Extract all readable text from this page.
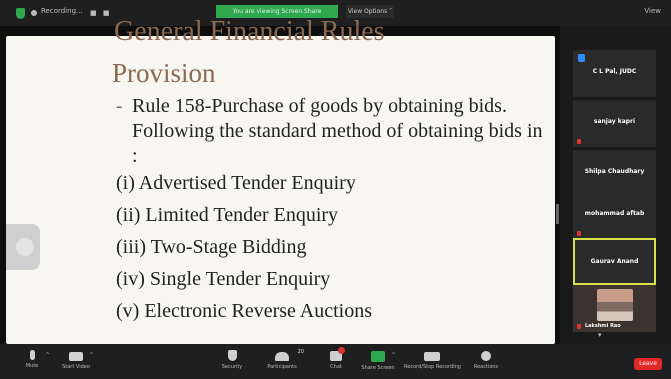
Recording... ■ ■	You are viewing Screen Share	View Options ˅	View
General Financial Rules
Provision
- Rule 158-Purchase of goods by obtaining bids. Following the standard method of obtaining bids in :
(i) Advertised Tender Enquiry
(ii) Limited Tender Enquiry
(iii) Two-Stage Bidding
(iv) Single Tender Enquiry
(v) Electronic Reverse Auctions
C L Pal, JUDC
sanjay kapri
Shilpa Chaudhary
mohammad aftab
Gaurav Anand
Lakshmi Rao
▾
Mute
^
Start Video
^
Security	Participants
20
Chat	Share Screen
^
Record/Stop Recording	Reactions	Leave
